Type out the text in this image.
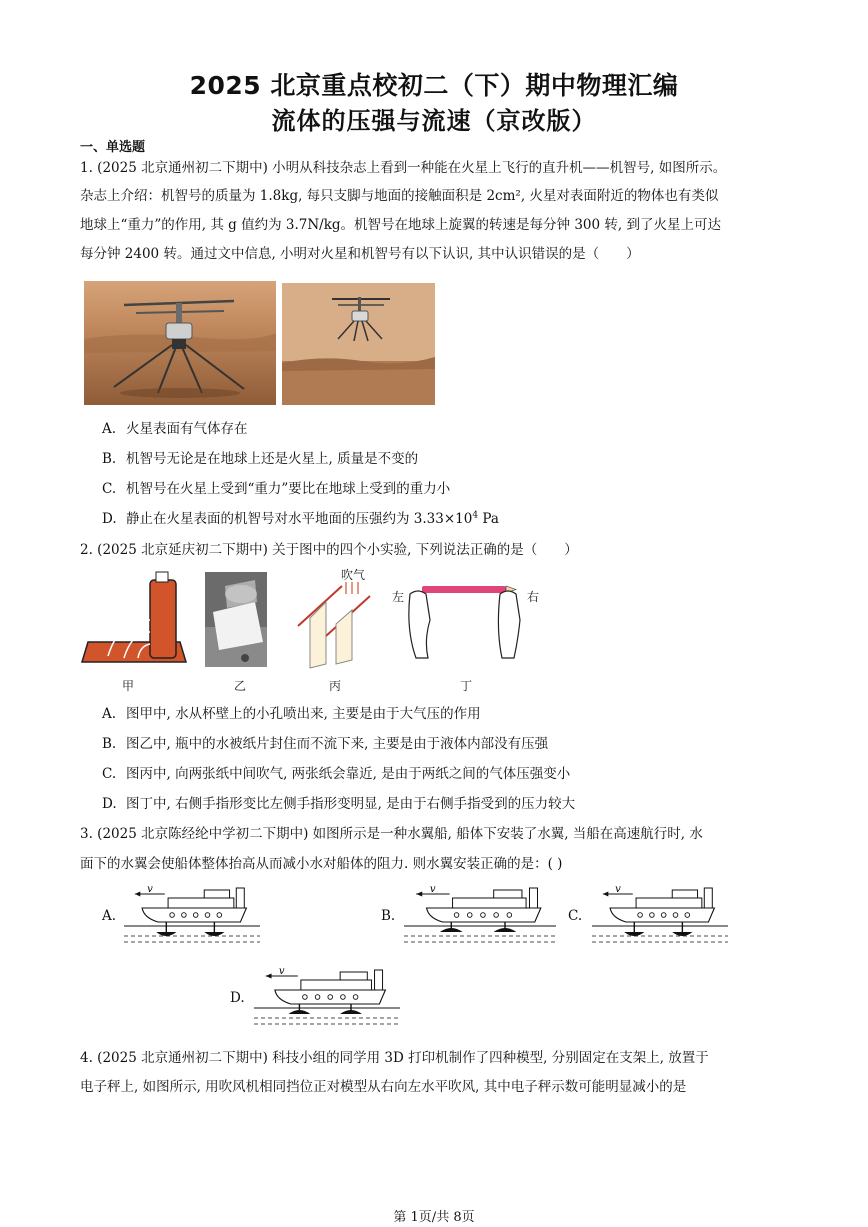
2025 北京重点校初二（下）期中物理汇编
流体的压强与流速（京改版）
一、单选题
1. (2025 北京通州初二下期中) 小明从科技杂志上看到一种能在火星上飞行的直升机——机智号, 如图所示。
杂志上介绍：机智号的质量为 1.8kg, 每只支脚与地面的接触面积是 2cm², 火星对表面附近的物体也有类似
地球上“重力”的作用, 其 g 值约为 3.7N/kg。机智号在地球上旋翼的转速是每分钟 300 转, 到了火星上可达
每分钟 2400 转。通过文中信息, 小明对火星和机智号有以下认识, 其中认识错误的是（　　）
A. 火星表面有气体存在
B. 机智号无论是在地球上还是火星上, 质量是不变的
C. 机智号在火星上受到“重力”要比在地球上受到的重力小
D. 静止在火星表面的机智号对水平地面的压强约为 $3.33\times 10^4$ Pa
2. (2025 北京延庆初二下期中) 关于图中的四个小实验, 下列说法正确的是（　　）
吹气
左	右
甲	乙	丙	丁
A. 图甲中, 水从杯壁上的小孔喷出来, 主要是由于大气压的作用
B. 图乙中, 瓶中的水被纸片封住而不流下来, 主要是由于液体内部没有压强
C. 图丙中, 向两张纸中间吹气, 两张纸会靠近, 是由于两纸之间的气体压强变小
D. 图丁中, 右侧手指形变比左侧手指形变明显, 是由于右侧手指受到的压力较大
3. (2025 北京陈经纶中学初二下期中) 如图所示是一种水翼船, 船体下安装了水翼, 当船在高速航行时, 水
面下的水翼会使船体整体抬高从而减小水对船体的阻力. 则水翼安装正确的是：( )
A.	B.	C.
D.
v	v	v
v
4. (2025 北京通州初二下期中) 科技小组的同学用 3D 打印机制作了四种模型, 分别固定在支架上, 放置于
电子秤上, 如图所示, 用吹风机相同挡位正对模型从右向左水平吹风, 其中电子秤示数可能明显减小的是
第 1页/共 8页
